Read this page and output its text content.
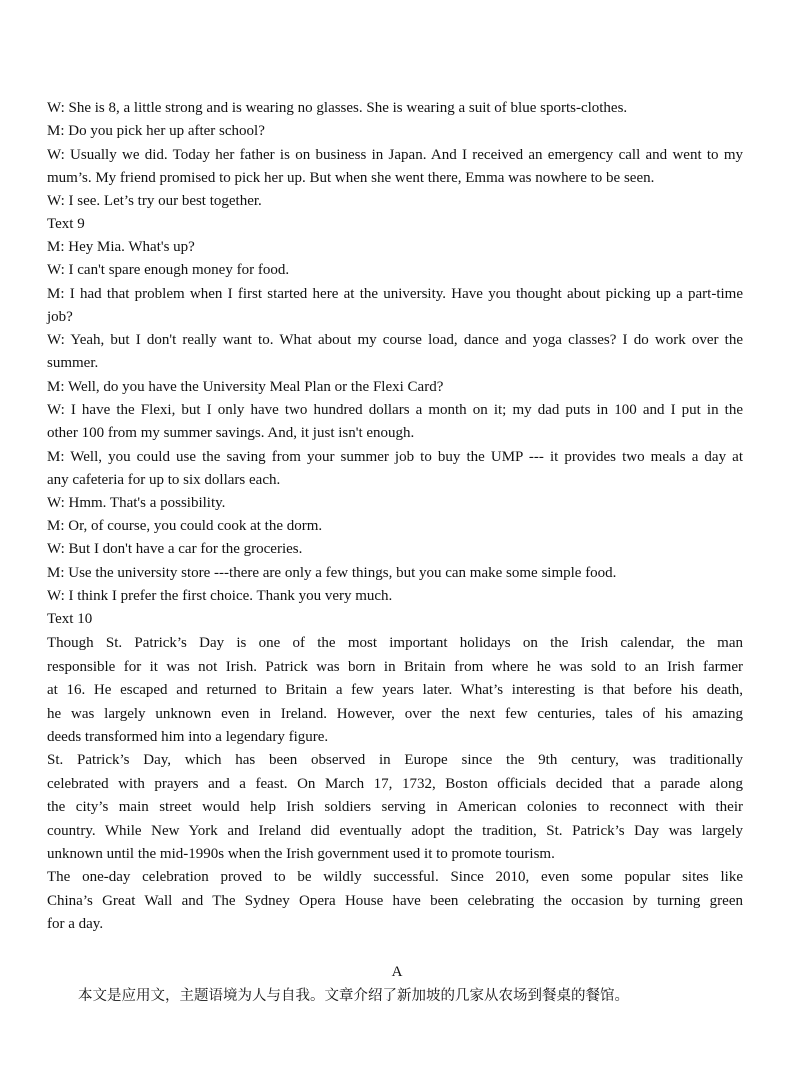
W: She is 8, a little strong and is wearing no glasses. She is wearing a suit of blue sports-clothes.
M: Do you pick her up after school?
W: Usually we did. Today her father is on business in Japan. And I received an emergency call and went to my
mum’s. My friend promised to pick her up. But when she went there, Emma was nowhere to be seen.
W: I see. Let’s try our best together.
Text 9
M: Hey Mia. What's up?
W: I can't spare enough money for food.
M: I had that problem when I first started here at the university. Have you thought about picking up a part-time
job?
W: Yeah, but I don't really want to. What about my course load, dance and yoga classes? I do work over the
summer.
M: Well, do you have the University Meal Plan or the Flexi Card?
W: I have the Flexi, but I only have two hundred dollars a month on it; my dad puts in 100 and I put in the
other 100 from my summer savings. And, it just isn't enough.
M: Well, you could use the saving from your summer job to buy the UMP --- it provides two meals a day at
any cafeteria for up to six dollars each.
W: Hmm. That's a possibility.
M: Or, of course, you could cook at the dorm.
W: But I don't have a car for the groceries.
M: Use the university store ---there are only a few things, but you can make some simple food.
W: I think I prefer the first choice. Thank you very much.
Text 10
Though St. Patrick’s Day is one of the most important holidays on the Irish calendar, the man
responsible for it was not Irish. Patrick was born in Britain from where he was sold to an Irish farmer
at 16. He escaped and returned to Britain a few years later. What’s interesting is that before his death,
he was largely unknown even in Ireland. However, over the next few centuries, tales of his amazing
deeds transformed him into a legendary figure.
St. Patrick’s Day, which has been observed in Europe since the 9th century, was traditionally
celebrated with prayers and a feast. On March 17, 1732, Boston officials decided that a parade along
the city’s main street would help Irish soldiers serving in American colonies to reconnect with their
country. While New York and Ireland did eventually adopt the tradition, St. Patrick’s Day was largely
unknown until the mid-1990s when the Irish government used it to promote tourism.
The one-day celebration proved to be wildly successful. Since 2010, even some popular sites like
China’s Great Wall and The Sydney Opera House have been celebrating the occasion by turning green
for a day.
A
本文是应用文，主题语境为人与自我。文章介绍了新加坡的几家从农场到餐桌的餐馆。
